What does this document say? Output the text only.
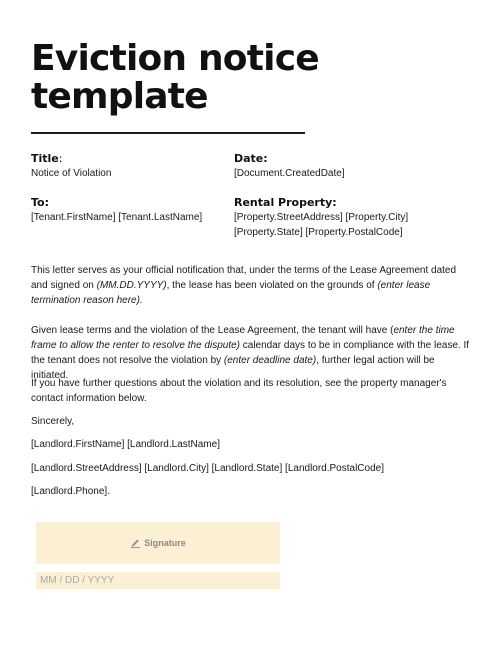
Eviction notice template
Title:
Notice of Violation
Date:
[Document.CreatedDate]
To:
[Tenant.FirstName] [Tenant.LastName]
Rental Property:
[Property.StreetAddress] [Property.City]
[Property.State] [Property.PostalCode]
This letter serves as your official notification that, under the terms of the Lease Agreement dated and signed on (MM.DD.YYYY), the lease has been violated on the grounds of (enter lease termination reason here).
Given lease terms and the violation of the Lease Agreement, the tenant will have (enter the time frame to allow the renter to resolve the dispute) calendar days to be in compliance with the lease. If the tenant does not resolve the violation by (enter deadline date), further legal action will be initiated.
If you have further questions about the violation and its resolution, see the property manager's contact information below.
Sincerely,
[Landlord.FirstName] [Landlord.LastName]
[Landlord.StreetAddress] [Landlord.City] [Landlord.State] [Landlord.PostalCode]
[Landlord.Phone].
Signature
MM / DD / YYYY
